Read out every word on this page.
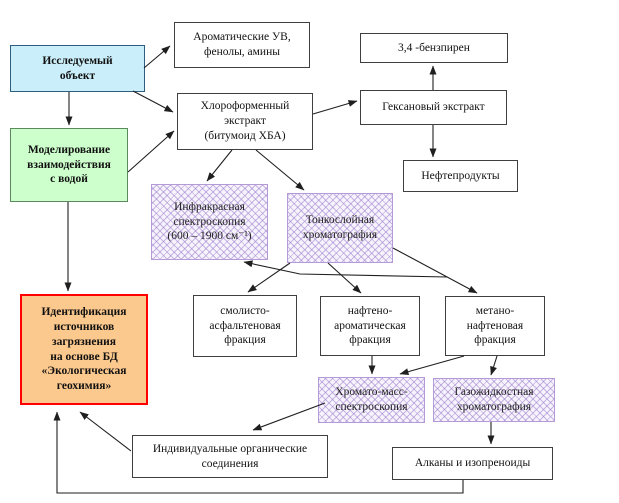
Исследуемый
объект
Ароматические УВ,
фенолы, амины	3,4 -бензпирен
Хлороформенный
экстракт
(битумоид ХБА)
Гексановый экстракт
Нефтепродукты
Инфракрасная
спектроскопия
(600 – 1900 см⁻¹)
Тонкослойная
хроматография
смолисто-
асфальтеновая
фракция
нафтено-
ароматическая
фракция
метано-
нафтеновая
фракция
Хромато-масс-
спектроскопия
Газожидкостная
хроматография
Алканы и изопреноиды
Индивидуальные органические
соединения
Идентификация
источников
загрязнения
на основе БД
«Экологическая
геохимия»
Моделирование
взаимодействия
с водой
